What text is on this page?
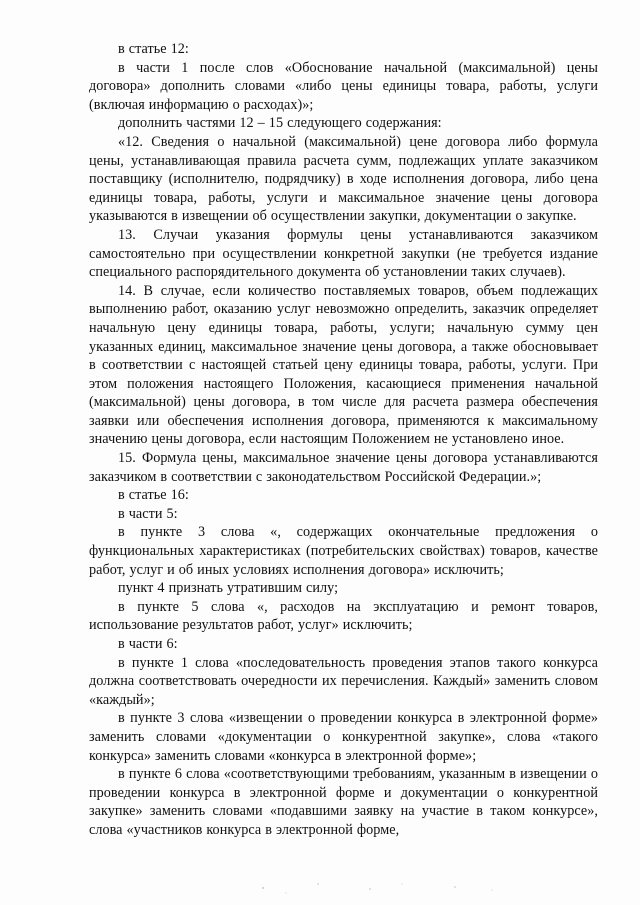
в статье 12:

в части 1 после слов «Обоснование начальной (максимальной) цены договора» дополнить словами «либо цены единицы товара, работы, услуги (включая информацию о расходах)»;

дополнить частями 12 – 15 следующего содержания:

«12. Сведения о начальной (максимальной) цене договора либо формула цены, устанавливающая правила расчета сумм, подлежащих уплате заказчиком поставщику (исполнителю, подрядчику) в ходе исполнения договора, либо цена единицы товара, работы, услуги и максимальное значение цены договора указываются в извещении об осуществлении закупки, документации о закупке.

13. Случаи указания формулы цены устанавливаются заказчиком самостоятельно при осуществлении конкретной закупки (не требуется издание специального распорядительного документа об установлении таких случаев).

14. В случае, если количество поставляемых товаров, объем подлежащих выполнению работ, оказанию услуг невозможно определить, заказчик определяет начальную цену единицы товара, работы, услуги; начальную сумму цен указанных единиц, максимальное значение цены договора, а также обосновывает в соответствии с настоящей статьей цену единицы товара, работы, услуги. При этом положения настоящего Положения, касающиеся применения начальной (максимальной) цены договора, в том числе для расчета размера обеспечения заявки или обеспечения исполнения договора, применяются к максимальному значению цены договора, если настоящим Положением не установлено иное.

15. Формула цены, максимальное значение цены договора устанавливаются заказчиком в соответствии с законодательством Российской Федерации.»;

в статье 16:

в части 5:

в пункте 3 слова «, содержащих окончательные предложения о функциональных характеристиках (потребительских свойствах) товаров, качестве работ, услуг и об иных условиях исполнения договора» исключить;

пункт 4 признать утратившим силу;

в пункте 5 слова «, расходов на эксплуатацию и ремонт товаров, использование результатов работ, услуг» исключить;

в части 6:

в пункте 1 слова «последовательность проведения этапов такого конкурса должна соответствовать очередности их перечисления. Каждый» заменить словом «каждый»;

в пункте 3 слова «извещении о проведении конкурса в электронной форме» заменить словами «документации о конкурентной закупке», слова «такого конкурса» заменить словами «конкурса в электронной форме»;

в пункте 6 слова «соответствующими требованиям, указанным в извещении о проведении конкурса в электронной форме и документации о конкурентной закупке» заменить словами «подавшими заявку на участие в таком конкурсе», слова «участников конкурса в электронной форме,
